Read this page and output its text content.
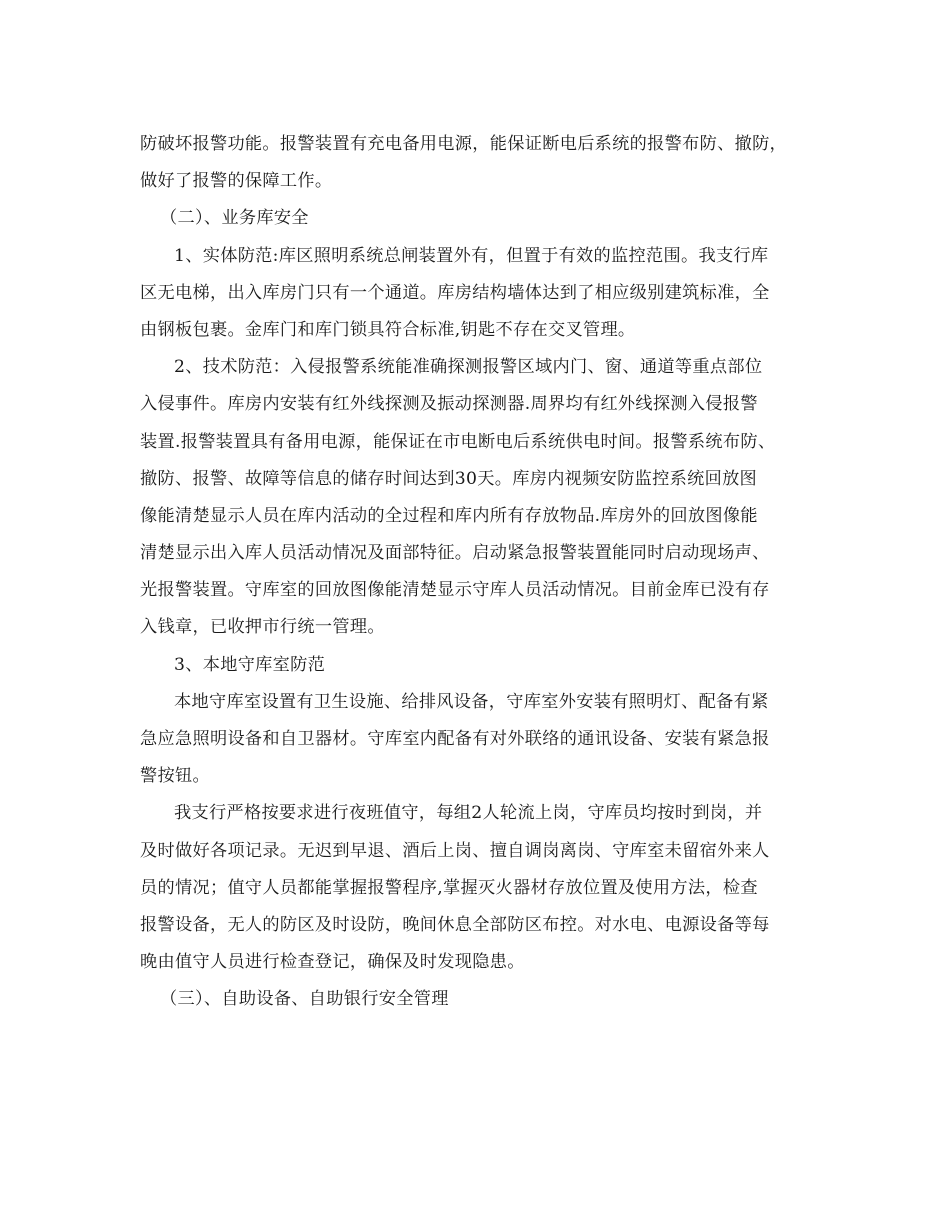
防破坏报警功能。报警装置有充电备用电源，能保证断电后系统的报警布防、撤防，
做好了报警的保障工作。
（二）、业务库安全
1、实体防范:库区照明系统总闸装置外有，但置于有效的监控范围。我支行库
区无电梯，出入库房门只有一个通道。库房结构墙体达到了相应级别建筑标准，全
由钢板包裹。金库门和库门锁具符合标准,钥匙不存在交叉管理。
2、技术防范：入侵报警系统能准确探测报警区域内门、窗、通道等重点部位
入侵事件。库房内安装有红外线探测及振动探测器.周界均有红外线探测入侵报警
装置.报警装置具有备用电源，能保证在市电断电后系统供电时间。报警系统布防、
撤防、报警、故障等信息的储存时间达到30天。库房内视频安防监控系统回放图
像能清楚显示人员在库内活动的全过程和库内所有存放物品.库房外的回放图像能
清楚显示出入库人员活动情况及面部特征。启动紧急报警装置能同时启动现场声、
光报警装置。守库室的回放图像能清楚显示守库人员活动情况。目前金库已没有存
入钱章，已收押市行统一管理。
3、本地守库室防范
本地守库室设置有卫生设施、给排风设备，守库室外安装有照明灯、配备有紧
急应急照明设备和自卫器材。守库室内配备有对外联络的通讯设备、安装有紧急报
警按钮。
我支行严格按要求进行夜班值守，每组2人轮流上岗，守库员均按时到岗，并
及时做好各项记录。无迟到早退、酒后上岗、擅自调岗离岗、守库室未留宿外来人
员的情况；值守人员都能掌握报警程序,掌握灭火器材存放位置及使用方法，检查
报警设备，无人的防区及时设防，晚间休息全部防区布控。对水电、电源设备等每
晚由值守人员进行检查登记，确保及时发现隐患。
（三）、自助设备、自助银行安全管理
